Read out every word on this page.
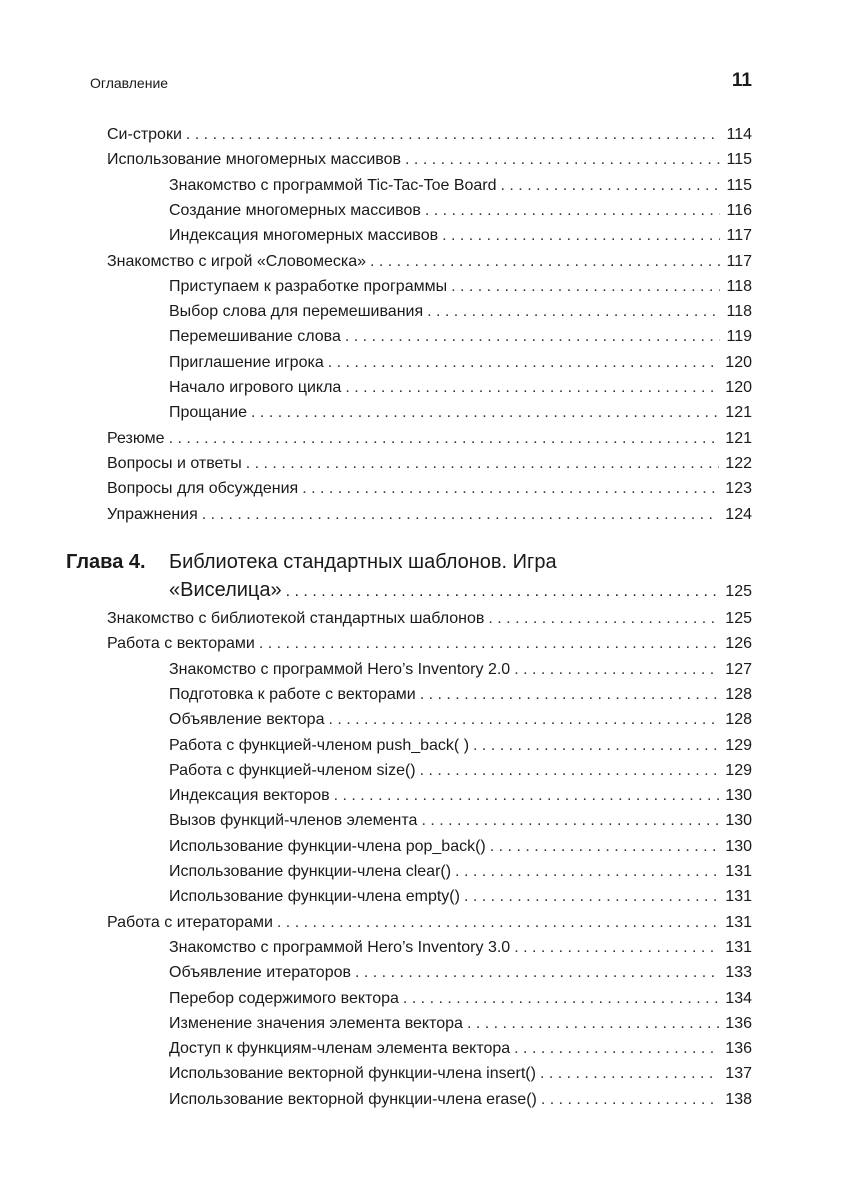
Оглавление	11
Си-строки . . .	114
Использование многомерных массивов . . .	115
Знакомство с программой Tic-Tac-Toe Board . . .	115
Создание многомерных массивов . . .	116
Индексация многомерных массивов . . .	117
Знакомство с игрой «Словомеска» . . .	117
Приступаем к разработке программы . . .	118
Выбор слова для перемешивания . . .	118
Перемешивание слова . . .	119
Приглашение игрока . . .	120
Начало игрового цикла . . .	120
Прощание . . .	121
Резюме . . .	121
Вопросы и ответы . . .	122
Вопросы для обсуждения . . .	123
Упражнения . . .	124
Глава 4. Библиотека стандартных шаблонов. Игра
«Виселица» . . .	125
Знакомство с библиотекой стандартных шаблонов . . .	125
Работа с векторами . . .	126
Знакомство с программой Hero’s Inventory 2.0 . . .	127
Подготовка к работе с векторами . . .	128
Объявление вектора . . .	128
Работа с функцией-членом push_back( ) . . .	129
Работа с функцией-членом size() . . .	129
Индексация векторов . . .	130
Вызов функций-членов элемента . . .	130
Использование функции-члена pop_back() . . .	130
Использование функции-члена clear() . . .	131
Использование функции-члена empty() . . .	131
Работа с итераторами . . .	131
Знакомство с программой Hero’s Inventory 3.0 . . .	131
Объявление итераторов . . .	133
Перебор содержимого вектора . . .	134
Изменение значения элемента вектора . . .	136
Доступ к функциям-членам элемента вектора . . .	136
Использование векторной функции-члена insert() . . .	137
Использование векторной функции-члена erase() . . .	138
